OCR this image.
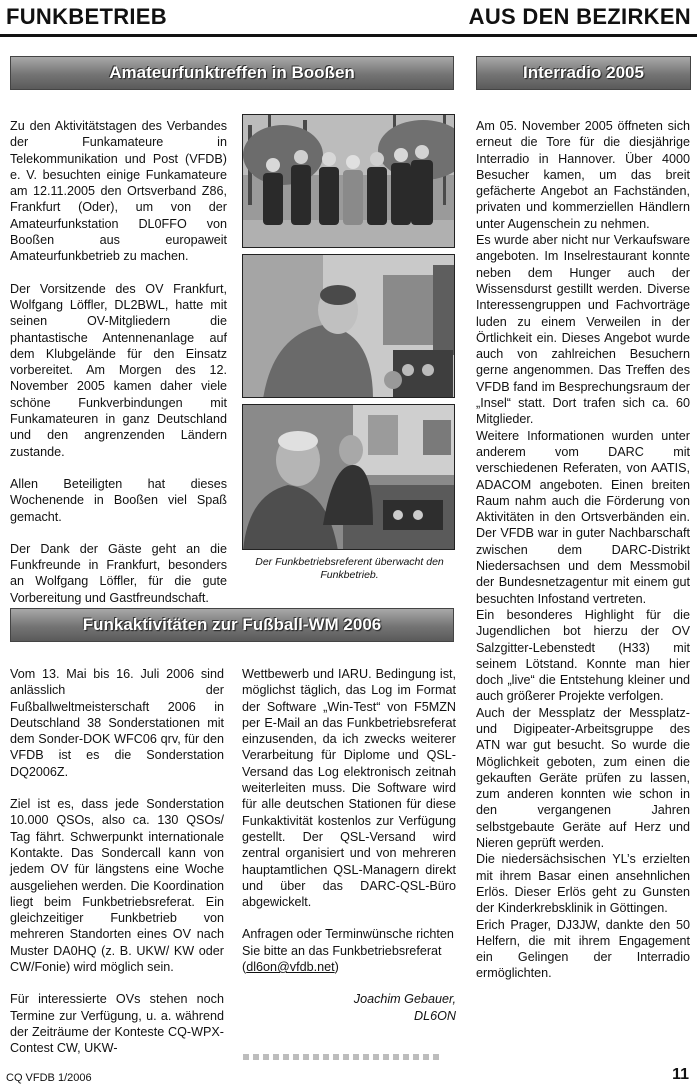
FUNKBETRIEB	AUS DEN BEZIRKEN
Amateurfunktreffen in Booßen

Zu den Aktivitätstagen des Verbandes der Funkamateure in Telekommunikation und Post (VFDB) e. V. besuchten einige Funkamateure am 12.11.2005 den Ortsverband Z86, Frankfurt (Oder), um von der Amateurfunkstation DL0FFO von Booßen aus europaweit Amateurfunkbetrieb zu machen.

Der Vorsitzende des OV Frankfurt, Wolfgang Löffler, DL2BWL, hatte mit seinen OV-Mitgliedern die phantastische Antennenanlage auf dem Klubgelände für den Einsatz vorbereitet. Am Morgen des 12. November 2005 kamen daher viele schöne Funkverbindungen mit Funkamateuren in ganz Deutschland und den angrenzenden Ländern zustande.

Allen Beteiligten hat dieses Wochenende in Booßen viel Spaß gemacht.

Der Dank der Gäste geht an die Funkfreunde in Frankfurt, besonders an Wolfgang Löffler, für die gute Vorbereitung und Gastfreundschaft.

Der Funkbetriebsreferent überwacht den Funkbetrieb.
Interradio 2005

Am 05. November 2005 öffneten sich erneut die Tore für die diesjährige Interradio in Hannover. Über 4000 Besucher kamen, um das breit gefächerte Angebot an Fachständen, privaten und kommerziellen Händlern unter Augenschein zu nehmen.

Es wurde aber nicht nur Verkaufsware angeboten. Im Inselrestaurant konnte neben dem Hunger auch der Wissensdurst gestillt werden. Diverse Interessengruppen und Fachvorträge luden zu einem Verweilen in der Örtlichkeit ein. Dieses Angebot wurde auch von zahlreichen Besuchern gerne angenommen. Das Treffen des VFDB fand im Besprechungsraum der „Insel“ statt. Dort trafen sich ca. 60 Mitglieder.

Weitere Informationen wurden unter anderem vom DARC mit verschiedenen Referaten, von AATIS, ADACOM angeboten. Einen breiten Raum nahm auch die Förderung von Aktivitäten in den Ortsverbänden ein. Der VFDB war in guter Nachbarschaft zwischen dem DARC-Distrikt Niedersachsen und dem Messmobil der Bundesnetzagentur mit einem gut besuchten Infostand vertreten.

Ein besonderes Highlight für die Jugendlichen bot hierzu der OV Salzgitter-Lebenstedt (H33) mit seinem Lötstand. Konnte man hier doch „live“ die Entstehung kleiner und auch größerer Projekte verfolgen.

Auch der Messplatz der Messplatz- und Digipeater-Arbeitsgruppe des ATN war gut besucht. So wurde die Möglichkeit geboten, zum einen die gekauften Geräte prüfen zu lassen, zum anderen konnten wie schon in den vergangenen Jahren selbstgebaute Geräte auf Herz und Nieren geprüft werden.

Die niedersächsischen YL’s erzielten mit ihrem Basar einen ansehnlichen Erlös. Dieser Erlös geht zu Gunsten der Kinderkrebsklinik in Göttingen.

Erich Prager, DJ3JW, dankte den 50 Helfern, die mit ihrem Engagement ein Gelingen der Interradio ermöglichten.

Funkaktivitäten zur Fußball-WM 2006

Vom 13. Mai bis 16. Juli 2006 sind anlässlich der Fußballweltmeisterschaft 2006 in Deutschland 38 Sonderstationen mit dem Sonder-DOK WFC06 qrv, für den VFDB ist es die Sonderstation DQ2006Z.

Ziel ist es, dass jede Sonderstation 10.000 QSOs, also ca. 130 QSOs/ Tag fährt. Schwerpunkt internationale Kontakte. Das Sondercall kann von jedem OV für längstens eine Woche ausgeliehen werden. Die Koordination liegt beim Funkbetriebsreferat. Ein gleichzeitiger Funkbetrieb von mehreren Standorten eines OV nach Muster DA0HQ (z. B. UKW/ KW oder CW/Fonie) wird möglich sein.

Für interessierte OVs stehen noch Termine zur Verfügung, u. a. während der Zeiträume der Konteste CQ-WPX-Contest CW, UKW-

Wettbewerb und IARU. Bedingung ist, möglichst täglich, das Log im Format der Software „Win-Test“ von F5MZN per E-Mail an das Funkbetriebsreferat einzusenden, da ich zwecks weiterer Verarbeitung für Diplome und QSL-Versand das Log elektronisch zeitnah weiterleiten muss. Die Software wird für alle deutschen Stationen für diese Funkaktivität kostenlos zur Verfügung gestellt. Der QSL-Versand wird zentral organisiert und von mehreren hauptamtlichen QSL-Managern direkt und über das DARC-QSL-Büro abgewickelt.

Anfragen oder Terminwünsche richten Sie bitte an das Funkbetriebsreferat (dl6on@vfdb.net)

Joachim Gebauer,
DL6ON
CQ VFDB 1/2006	11
